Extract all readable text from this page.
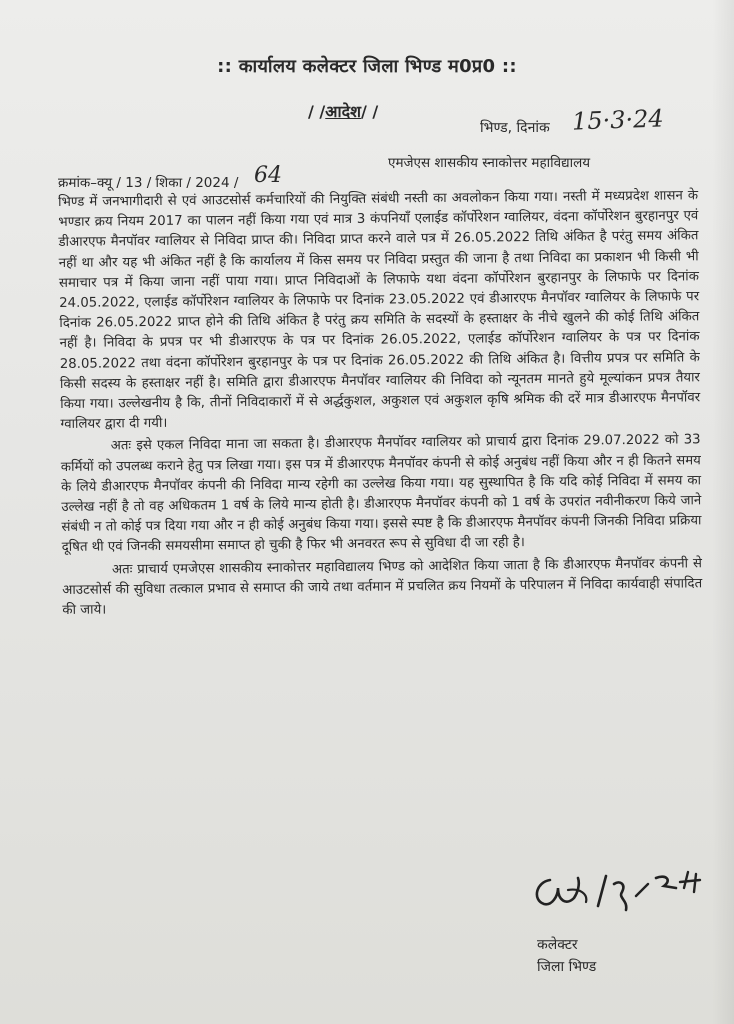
:: कार्यालय कलेक्टर जिला भिण्ड म0प्र0 ::
/ /आदेश/ /
भिण्ड, दिनांक 15·3·24
क्रमांक–क्यू / 13 / शिका / 2024 / 64	एमजेएस शासकीय स्नाकोत्तर महाविद्यालय

भिण्ड में जनभागीदारी से एवं आउटसोर्स कर्मचारियों की नियुक्ति संबंधी नस्ती का अवलोकन किया गया। नस्ती में मध्यप्रदेश शासन के भण्डार क्रय नियम 2017 का पालन नहीं किया गया एवं मात्र 3 कंपनियाँ एलाईड कॉर्पोरेशन ग्वालियर, वंदना कॉर्पोरेशन बुरहानपुर एवं डीआरएफ मैनपॉवर ग्वालियर से निविदा प्राप्त की। निविदा प्राप्त करने वाले पत्र में 26.05.2022 तिथि अंकित है परंतु समय अंकित नहीं था और यह भी अंकित नहीं है कि कार्यालय में किस समय पर निविदा प्रस्तुत की जाना है तथा निविदा का प्रकाशन भी किसी भी समाचार पत्र में किया जाना नहीं पाया गया। प्राप्त निविदाओं के लिफाफे यथा वंदना कॉर्पोरेशन बुरहानपुर के लिफाफे पर दिनांक 24.05.2022, एलाईड कॉर्पोरेशन ग्वालियर के लिफाफे पर दिनांक 23.05.2022 एवं डीआरएफ मैनपॉवर ग्वालियर के लिफाफे पर दिनांक 26.05.2022 प्राप्त होने की तिथि अंकित है परंतु क्रय समिति के सदस्यों के हस्ताक्षर के नीचे खुलने की कोई तिथि अंकित नहीं है। निविदा के प्रपत्र पर भी डीआरएफ के पत्र पर दिनांक 26.05.2022, एलाईड कॉर्पोरेशन ग्वालियर के पत्र पर दिनांक 28.05.2022 तथा वंदना कॉर्पोरेशन बुरहानपुर के पत्र पर दिनांक 26.05.2022 की तिथि अंकित है। वित्तीय प्रपत्र पर समिति के किसी सदस्य के हस्ताक्षर नहीं है। समिति द्वारा डीआरएफ मैनपॉवर ग्वालियर की निविदा को न्यूनतम मानते हुये मूल्यांकन प्रपत्र तैयार किया गया। उल्लेखनीय है कि, तीनों निविदाकारों में से अर्द्धकुशल, अकुशल एवं अकुशल कृषि श्रमिक की दरें मात्र डीआरएफ मैनपॉवर ग्वालियर द्वारा दी गयी।

अतः इसे एकल निविदा माना जा सकता है। डीआरएफ मैनपॉवर ग्वालियर को प्राचार्य द्वारा दिनांक 29.07.2022 को 33 कर्मियों को उपलब्ध कराने हेतु पत्र लिखा गया। इस पत्र में डीआरएफ मैनपॉवर कंपनी से कोई अनुबंध नहीं किया और न ही कितने समय के लिये डीआरएफ मैनपॉवर कंपनी की निविदा मान्य रहेगी का उल्लेख किया गया। यह सुस्थापित है कि यदि कोई निविदा में समय का उल्लेख नहीं है तो वह अधिकतम 1 वर्ष के लिये मान्य होती है। डीआरएफ मैनपॉवर कंपनी को 1 वर्ष के उपरांत नवीनीकरण किये जाने संबंधी न तो कोई पत्र दिया गया और न ही कोई अनुबंध किया गया। इससे स्पष्ट है कि डीआरएफ मैनपॉवर कंपनी जिनकी निविदा प्रक्रिया दूषित थी एवं जिनकी समयसीमा समाप्त हो चुकी है फिर भी अनवरत रूप से सुविधा दी जा रही है।

अतः प्राचार्य एमजेएस शासकीय स्नाकोत्तर महाविद्यालय भिण्ड को आदेशित किया जाता है कि डीआरएफ मैनपॉवर कंपनी से आउटसोर्स की सुविधा तत्काल प्रभाव से समाप्त की जाये तथा वर्तमान में प्रचलित क्रय नियमों के परिपालन में निविदा कार्यवाही संपादित की जाये।

कलेक्टर
जिला भिण्ड
